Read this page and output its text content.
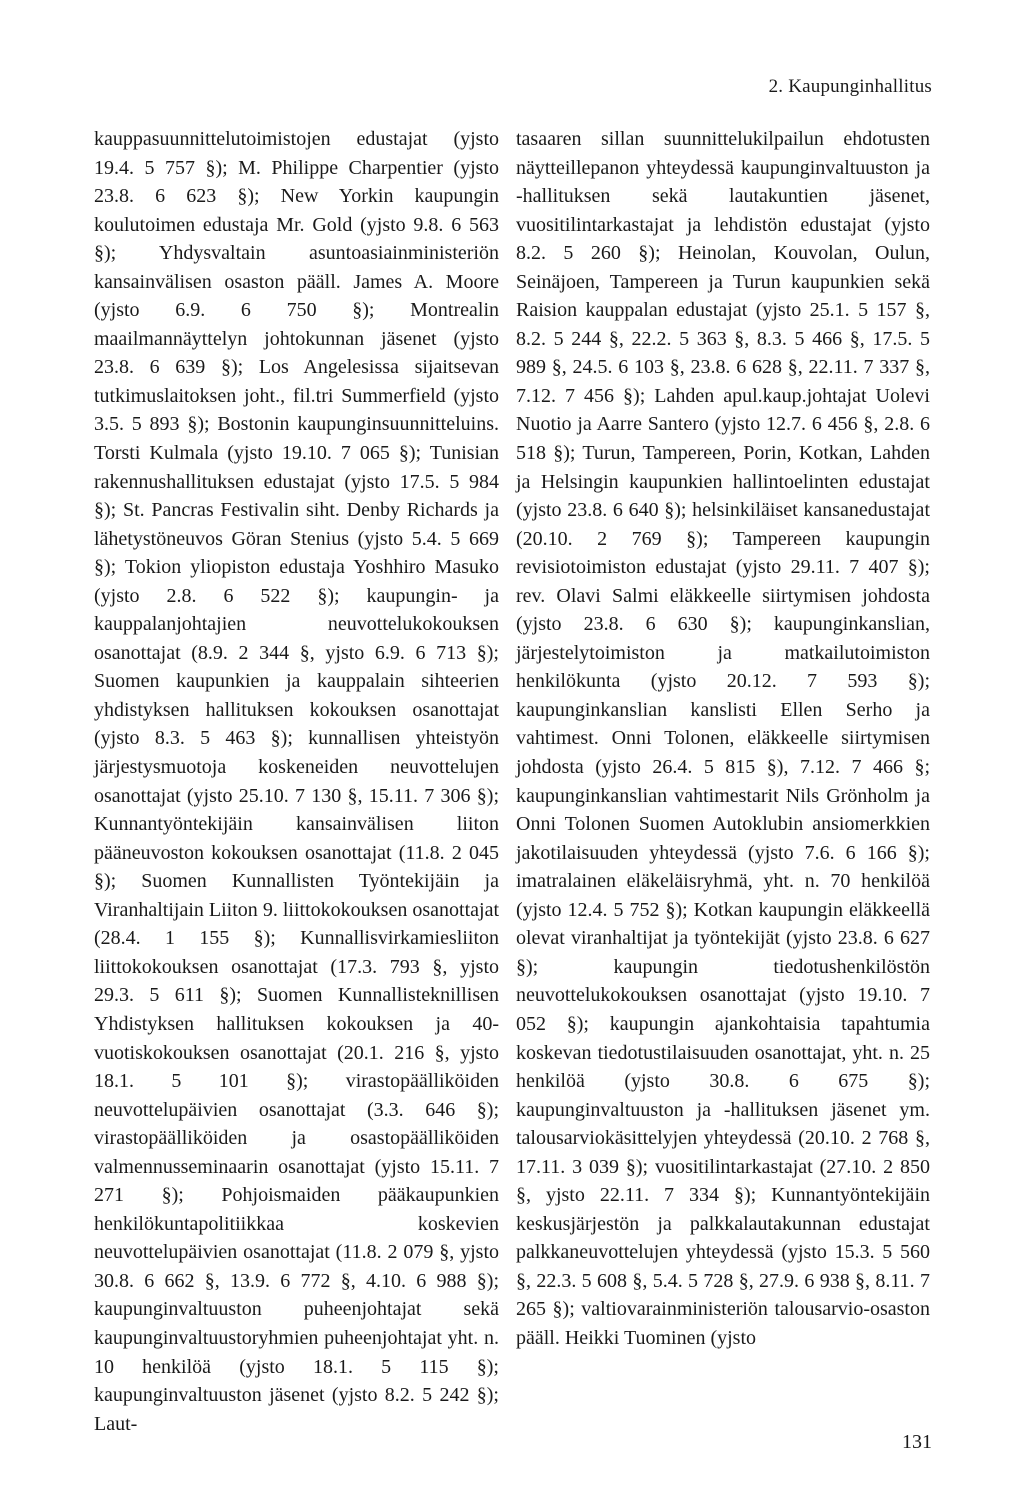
2. Kaupunginhallitus

kauppasuunnittelutoimistojen edustajat (yjsto 19.4. 5 757 §); M. Philippe Charpentier (yjsto 23.8. 6 623 §); New Yorkin kaupungin koulutoimen edustaja Mr. Gold (yjsto 9.8. 6 563 §); Yhdysvaltain asuntoasiainministeriön kansainvälisen osaston pääll. James A. Moore (yjsto 6.9. 6 750 §); Montrealin maailmannäyttelyn johtokunnan jäsenet (yjsto 23.8. 6 639 §); Los Angelesissa sijaitsevan tutkimuslaitoksen joht., fil.tri Summerfield (yjsto 3.5. 5 893 §); Bostonin kaupunginsuunnitteluins. Torsti Kulmala (yjsto 19.10. 7 065 §); Tunisian rakennushallituksen edustajat (yjsto 17.5. 5 984 §); St. Pancras Festivalin siht. Denby Richards ja lähetystöneuvos Göran Stenius (yjsto 5.4. 5 669 §); Tokion yliopiston edustaja Yoshhiro Masuko (yjsto 2.8. 6 522 §); kaupungin- ja kauppalanjohtajien neuvottelukokouksen osanottajat (8.9. 2 344 §, yjsto 6.9. 6 713 §); Suomen kaupunkien ja kauppalain sihteerien yhdistyksen hallituksen kokouksen osanottajat (yjsto 8.3. 5 463 §); kunnallisen yhteistyön järjestysmuotoja koskeneiden neuvottelujen osanottajat (yjsto 25.10. 7 130 §, 15.11. 7 306 §); Kunnantyöntekijäin kansainvälisen liiton pääneuvoston kokouksen osanottajat (11.8. 2 045 §); Suomen Kunnallisten Työntekijäin ja Viranhaltijain Liiton 9. liittokokouksen osanottajat (28.4. 1 155 §); Kunnallisvirkamiesliiton liittokokouksen osanottajat (17.3. 793 §, yjsto 29.3. 5 611 §); Suomen Kunnallisteknillisen Yhdistyksen hallituksen kokouksen ja 40-vuotiskokouksen osanottajat (20.1. 216 §, yjsto 18.1. 5 101 §); virastopäälliköiden neuvottelupäivien osanottajat (3.3. 646 §); virastopäälliköiden ja osastopäälliköiden valmennusseminaarin osanottajat (yjsto 15.11. 7 271 §); Pohjoismaiden pääkaupunkien henkilökuntapolitiikkaa koskevien neuvottelupäivien osanottajat (11.8. 2 079 §, yjsto 30.8. 6 662 §, 13.9. 6 772 §, 4.10. 6 988 §); kaupunginvaltuuston puheenjohtajat sekä kaupunginvaltuustoryhmien puheenjohtajat yht. n. 10 henkilöä (yjsto 18.1. 5 115 §); kaupunginvaltuuston jäsenet (yjsto 8.2. 5 242 §); Laut-

tasaaren sillan suunnittelukilpailun ehdotusten näytteillepanon yhteydessä kaupunginvaltuuston ja -hallituksen sekä lautakuntien jäsenet, vuositilintarkastajat ja lehdistön edustajat (yjsto 8.2. 5 260 §); Heinolan, Kouvolan, Oulun, Seinäjoen, Tampereen ja Turun kaupunkien sekä Raision kauppalan edustajat (yjsto 25.1. 5 157 §, 8.2. 5 244 §, 22.2. 5 363 §, 8.3. 5 466 §, 17.5. 5 989 §, 24.5. 6 103 §, 23.8. 6 628 §, 22.11. 7 337 §, 7.12. 7 456 §); Lahden apul.kaup.johtajat Uolevi Nuotio ja Aarre Santero (yjsto 12.7. 6 456 §, 2.8. 6 518 §); Turun, Tampereen, Porin, Kotkan, Lahden ja Helsingin kaupunkien hallintoelinten edustajat (yjsto 23.8. 6 640 §); helsinkiläiset kansanedustajat (20.10. 2 769 §); Tampereen kaupungin revisiotoimiston edustajat (yjsto 29.11. 7 407 §); rev. Olavi Salmi eläkkeelle siirtymisen johdosta (yjsto 23.8. 6 630 §); kaupunginkanslian, järjestelytoimiston ja matkailutoimiston henkilökunta (yjsto 20.12. 7 593 §); kaupunginkanslian kanslisti Ellen Serho ja vahtimest. Onni Tolonen, eläkkeelle siirtymisen johdosta (yjsto 26.4. 5 815 §), 7.12. 7 466 §; kaupunginkanslian vahtimestarit Nils Grönholm ja Onni Tolonen Suomen Autoklubin ansiomerkkien jakotilaisuuden yhteydessä (yjsto 7.6. 6 166 §); imatralainen eläkeläisryhmä, yht. n. 70 henkilöä (yjsto 12.4. 5 752 §); Kotkan kaupungin eläkkeellä olevat viranhaltijat ja työntekijät (yjsto 23.8. 6 627 §); kaupungin tiedotushenkilöstön neuvottelukokouksen osanottajat (yjsto 19.10. 7 052 §); kaupungin ajankohtaisia tapahtumia koskevan tiedotustilaisuuden osanottajat, yht. n. 25 henkilöä (yjsto 30.8. 6 675 §); kaupunginvaltuuston ja -hallituksen jäsenet ym. talousarviokäsittelyjen yhteydessä (20.10. 2 768 §, 17.11. 3 039 §); vuositilintarkastajat (27.10. 2 850 §, yjsto 22.11. 7 334 §); Kunnantyöntekijäin keskusjärjestön ja palkkalautakunnan edustajat palkkaneuvottelujen yhteydessä (yjsto 15.3. 5 560 §, 22.3. 5 608 §, 5.4. 5 728 §, 27.9. 6 938 §, 8.11. 7 265 §); valtiovarainministeriön talousarvio-osaston pääll. Heikki Tuominen (yjsto

131
